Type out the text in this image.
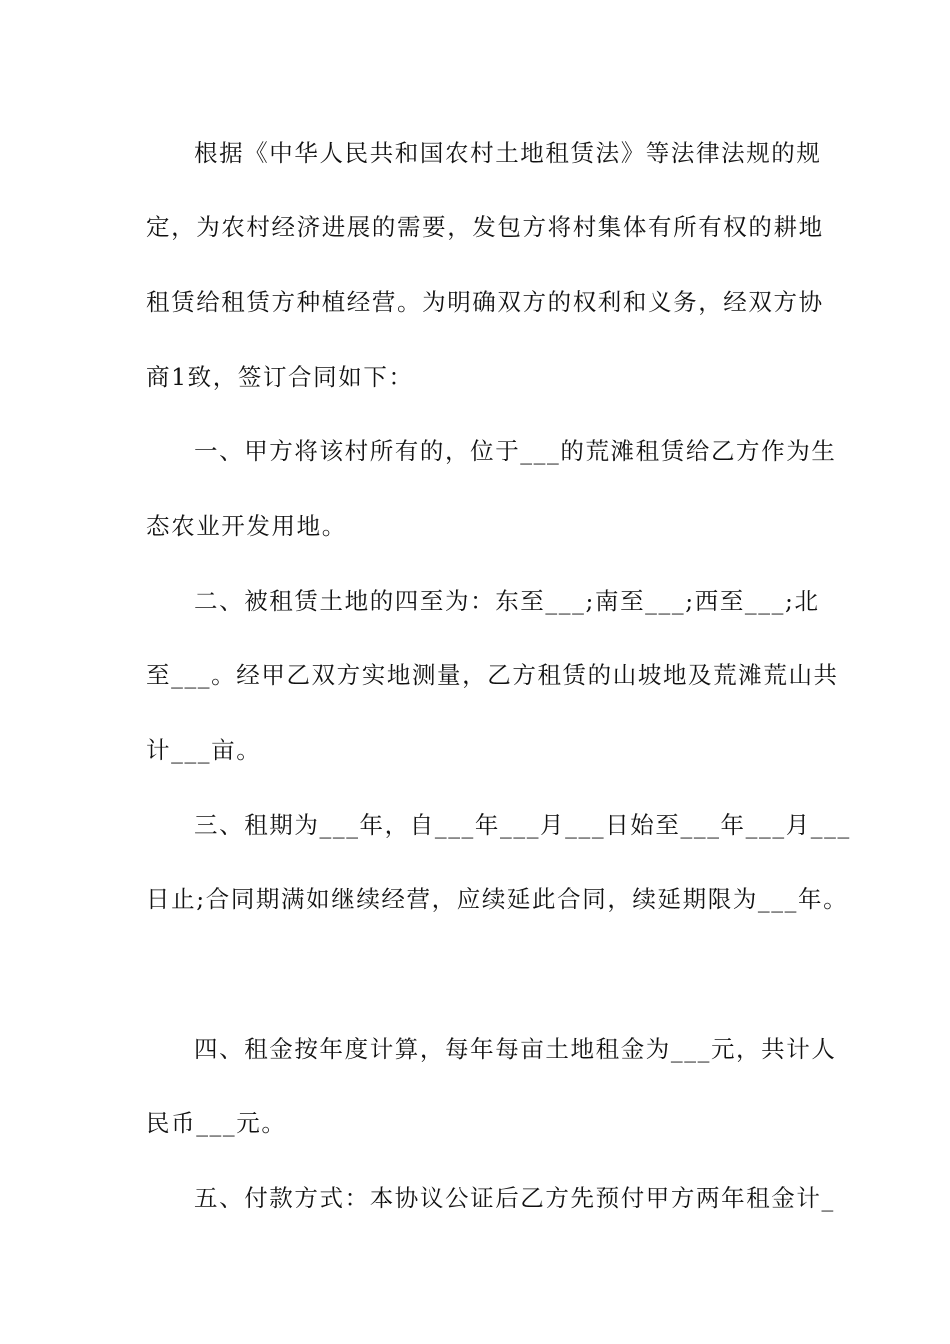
根据《中华人民共和国农村土地租赁法》等法律法规的规
定，为农村经济进展的需要，发包方将村集体有所有权的耕地
租赁给租赁方种植经营。为明确双方的权利和义务，经双方协
商1致，签订合同如下：
一、甲方将该村所有的，位于___的荒滩租赁给乙方作为生
态农业开发用地。
二、被租赁土地的四至为：东至___;南至___;西至___;北
至___。经甲乙双方实地测量，乙方租赁的山坡地及荒滩荒山共
计___亩。
三、租期为___年，自___年___月___日始至___年___月___
日止;合同期满如继续经营，应续延此合同，续延期限为___年。
四、租金按年度计算，每年每亩土地租金为___元，共计人
民币___元。
五、付款方式：本协议公证后乙方先预付甲方两年租金计_
